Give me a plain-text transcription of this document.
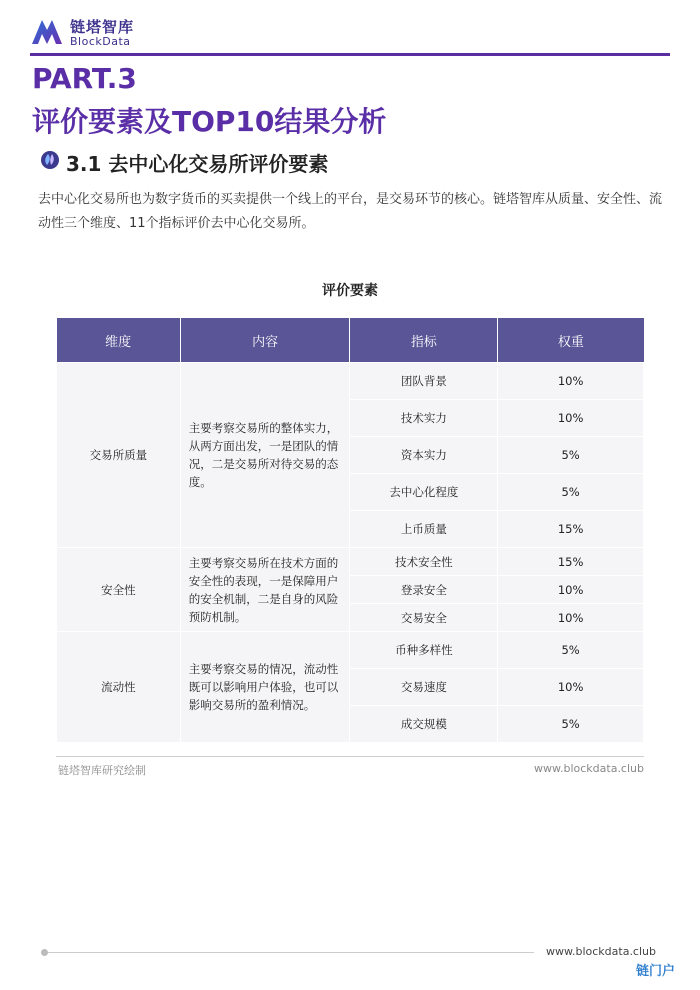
链塔智库
BlockData
PART.3
评价要素及TOP10结果分析
3.1 去中心化交易所评价要素
去中心化交易所也为数字货币的买卖提供一个线上的平台，是交易环节的核心。链塔智库从质量、安全性、流动性三个维度、11个指标评价去中心化交易所。
评价要素
维度	内容	指标	权重
交易所质量	主要考察交易所的整体实力，从两方面出发，一是团队的情况，二是交易所对待交易的态度。	团队背景	10%
		技术实力	10%
		资本实力	5%
		去中心化程度	5%
		上币质量	15%
安全性	主要考察交易所在技术方面的安全性的表现，一是保障用户的安全机制，二是自身的风险预防机制。	技术安全性	15%
		登录安全	10%
		交易安全	10%
流动性	主要考察交易的情况，流动性既可以影响用户体验，也可以影响交易所的盈利情况。	币种多样性	5%
		交易速度	10%
		成交规模	5%
链塔智库研究绘制	www.blockdata.club
www.blockdata.club
链门户
